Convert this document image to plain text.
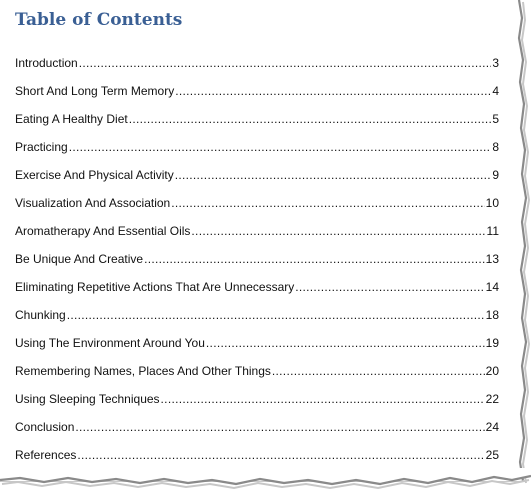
Table of Contents
Introduction .....	3
Short And Long Term Memory .....	4
Eating A Healthy Diet .....	5
Practicing .....	8
Exercise And Physical Activity .....	9
Visualization And Association .....	10
Aromatherapy And Essential Oils .....	11
Be Unique And Creative .....	13
Eliminating Repetitive Actions That Are Unnecessary .....	14
Chunking .....	18
Using The Environment Around You .....	19
Remembering Names, Places And Other Things .....	20
Using Sleeping Techniques .....	22
Conclusion .....	24
References .....	25
